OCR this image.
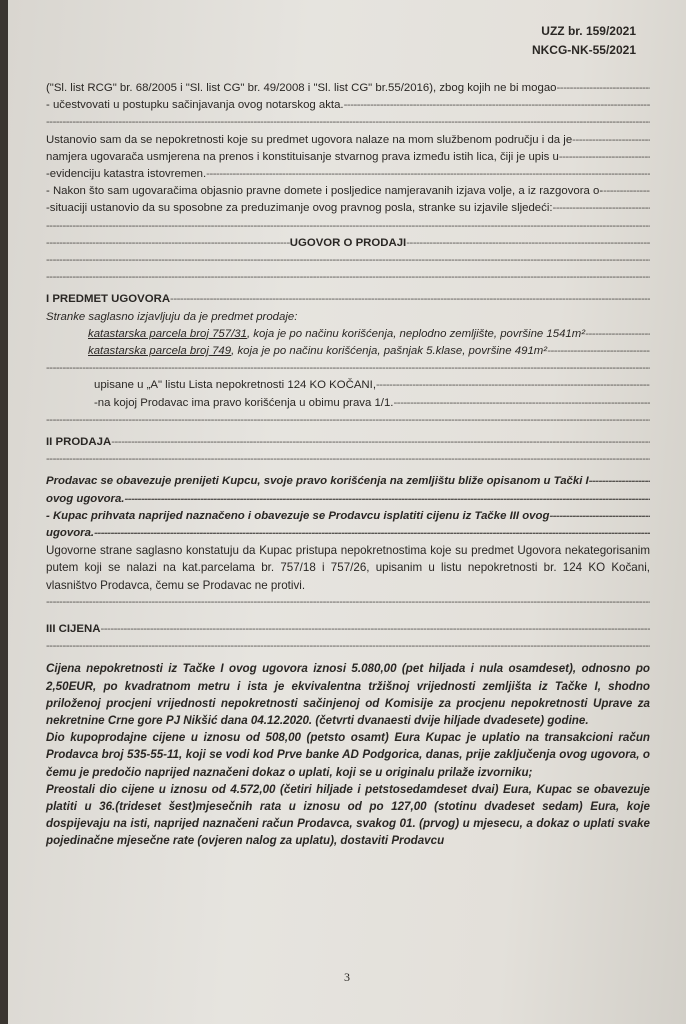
UZZ br. 159/2021
NKCG-NK-55/2021

("Sl. list RCG" br. 68/2005 i "Sl. list CG" br. 49/2008 i "Sl. list CG" br.55/2016), zbog kojih ne bi mogao
-----

- učestvovati u postupku sačinjavanja ovog notarskog akta.
-----

-----

Ustanovio sam da se nepokretnosti koje su predmet ugovora nalaze na mom službenom području i da je
-----

namjera ugovarača usmjerena na prenos i konstituisanje stvarnog prava između istih lica, čiji je upis u
-----

-evidenciju katastra istovremen.
-----

- Nakon što sam ugovaračima objasnio pravne domete i posljedice namjeravanih izjava volje, a iz razgovora o-
-----

-situaciji ustanovio da su sposobne za preduzimanje ovog pravnog posla, stranke su izjavile sljedeći:
-----

-----

----- UGOVOR O PRODAJI
-----

-----
-----

I PREDMET UGOVORA
-----

Stranke saglasno izjavljuju da je predmet prodaje:

• katastarska parcela broj 757/31, koja je po načinu korišćenja, neplodno zemljište, površine 1541m²
-----
• katastarska parcela broj 749, koja je po načinu korišćenja, pašnjak 5.klase, površine 491m²
-----
-----

upisane u „A" listu Lista nepokretnosti 124 KO KOČANI,
-----

-na kojoj Prodavac ima pravo korišćenja u obimu prava 1/1.
-----

-----

II PRODAJA
-----

-----

Prodavac se obavezuje prenijeti Kupcu, svoje pravo korišćenja na zemljištu bliže opisanom u Tački I
-----

ovog ugovora.
-----

- Kupac prihvata naprijed naznačeno i obavezuje se Prodavcu isplatiti cijenu iz Tačke III ovog
-----

ugovora.
-----

Ugovorne strane saglasno konstatuju da Kupac pristupa nepokretnostima koje su predmet Ugovora nekategorisanim putem koji se nalazi na kat.parcelama br. 757/18 i 757/26, upisanim u listu nepokretnosti br. 124 KO Kočani, vlasništvo Prodavca, čemu se Prodavac ne protivi.

-----

III CIJENA
-----

-----

Cijena nepokretnosti iz Tačke I ovog ugovora iznosi 5.080,00 (pet hiljada i nula osamdeset), odnosno po 2,50EUR, po kvadratnom metru i ista je ekvivalentna tržišnoj vrijednosti zemljišta iz Tačke I, shodno priloženoj procjeni vrijednosti nepokretnosti sačinjenoj od Komisije za procjenu nepokretnosti Uprave za nekretnine Crne gore PJ Nikšić dana 04.12.2020. (četvrti dvanaesti dvije hiljade dvadesete) godine.

Dio kupoprodajne cijene u iznosu od 508,00 (petsto osamt) Eura Kupac je uplatio na transakcioni račun Prodavca broj 535-55-11, koji se vodi kod Prve banke AD Podgorica, danas, prije zaključenja ovog ugovora, o čemu je predočio naprijed naznačeni dokaz o uplati, koji se u originalu prilaže izvorniku;

Preostali dio cijene u iznosu od 4.572,00 (četiri hiljade i petstosedamdeset dvai) Eura, Kupac se obavezuje platiti u 36.(trideset šest)mjesečnih rata u iznosu od po 127,00 (stotinu dvadeset sedam) Eura, koje dospijevaju na isti, naprijed naznačeni račun Prodavca, svakog 01. (prvog) u mjesecu, a dokaz o uplati svake pojedinačne mjesečne rate (ovjeren nalog za uplatu), dostaviti Prodavcu

3
